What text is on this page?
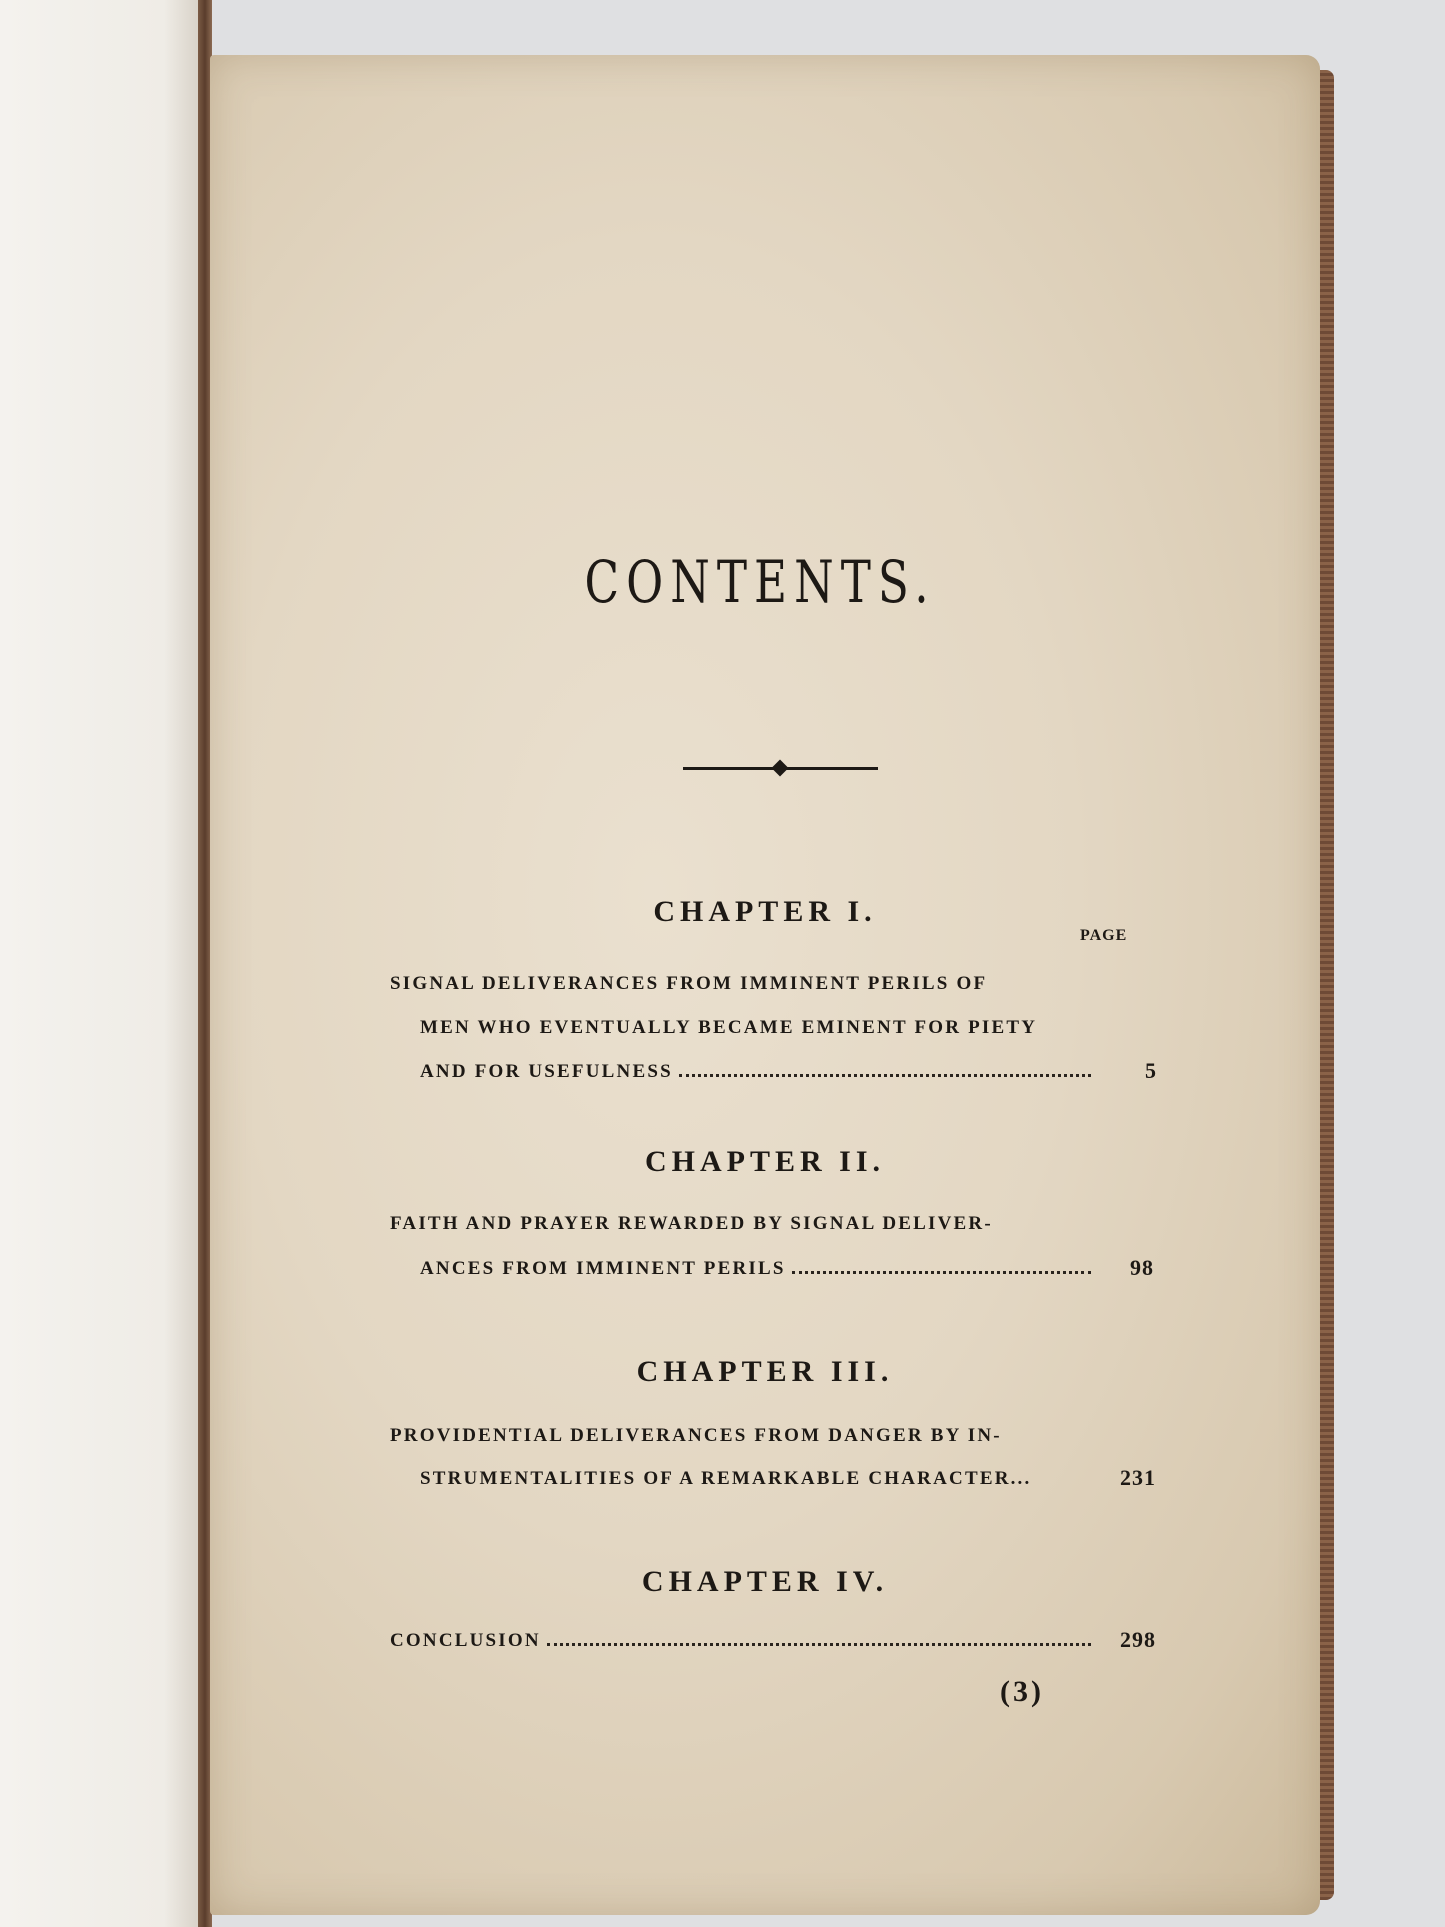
CONTENTS.
CHAPTER I.
PAGE
SIGNAL DELIVERANCES FROM IMMINENT PERILS OF
MEN WHO EVENTUALLY BECAME EMINENT FOR PIETY
AND FOR USEFULNESS	5
CHAPTER II.
FAITH AND PRAYER REWARDED BY SIGNAL DELIVER-
ANCES FROM IMMINENT PERILS	98
CHAPTER III.
PROVIDENTIAL DELIVERANCES FROM DANGER BY IN-
STRUMENTALITIES OF A REMARKABLE CHARACTER...	231
CHAPTER IV.
CONCLUSION	298
(3)
